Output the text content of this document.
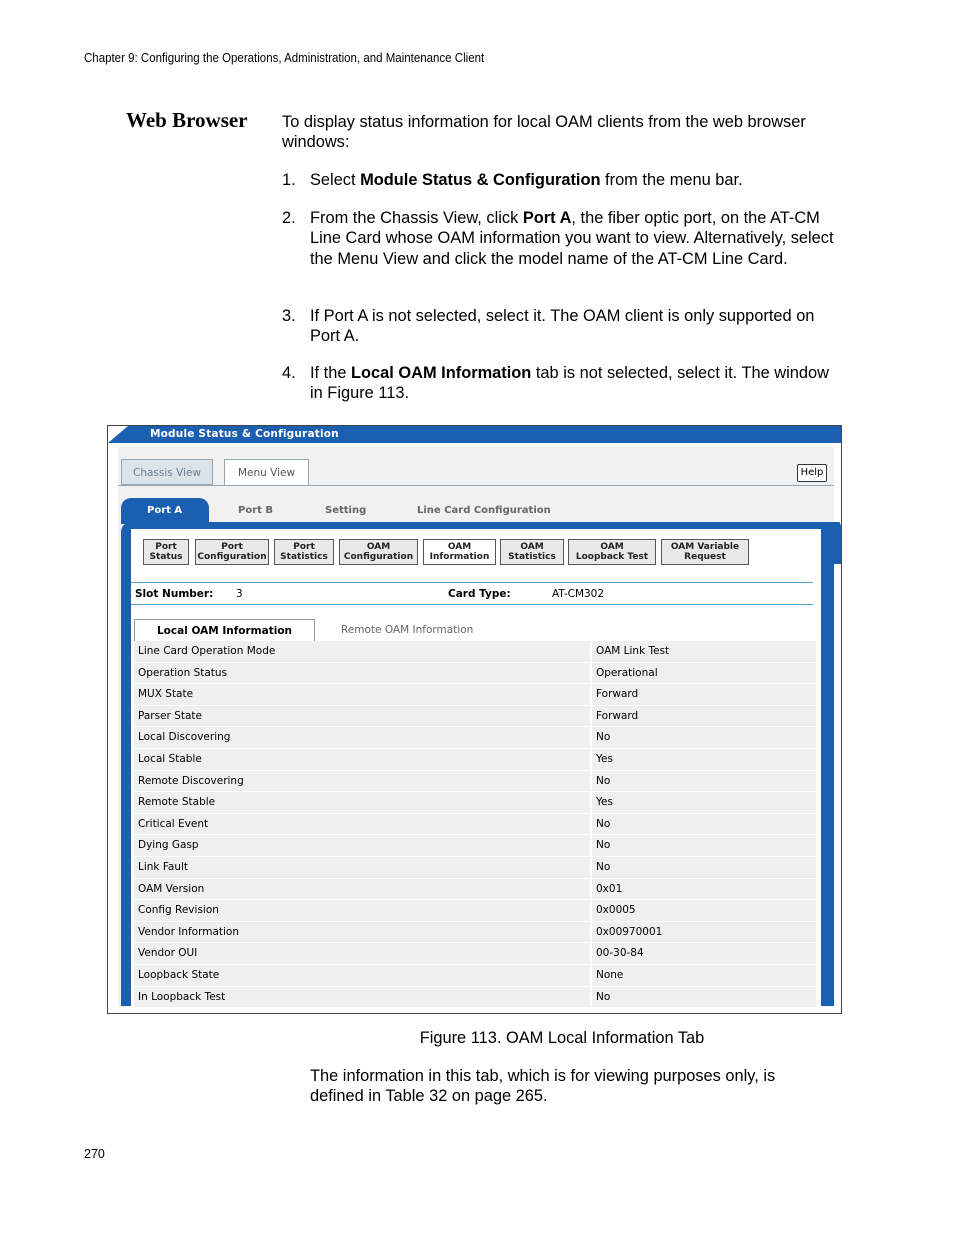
Chapter 9: Configuring the Operations, Administration, and Maintenance Client
Web Browser To display status information for local OAM clients from the web browser windows:
1. Select Module Status & Configuration from the menu bar.
2. From the Chassis View, click Port A, the fiber optic port, on the AT-CM Line Card whose OAM information you want to view. Alternatively, select the Menu View and click the model name of the AT-CM Line Card.
3. If Port A is not selected, select it. The OAM client is only supported on Port A.
4. If the Local OAM Information tab is not selected, select it. The window in Figure 113.
Module Status & Configuration
Chassis View	Menu View	Help
Port A	Port B	Setting	Line Card Configuration
Port
Status
Port
Configuration
Port
Statistics
OAM
Configuration
OAM
Information
OAM
Statistics
OAM
Loopback Test
OAM Variable
Request
Slot Number: 3	Card Type:	AT-CM302
Local OAM Information	Remote OAM Information
Line Card Operation Mode	OAM Link Test
Operation Status	Operational
MUX State	Forward
Parser State	Forward
Local Discovering	No
Local Stable	Yes
Remote Discovering	No
Remote Stable	Yes
Critical Event	No
Dying Gasp	No
Link Fault	No
OAM Version	0x01
Config Revision	0x0005
Vendor Information	0x00970001
Vendor OUI	00-30-84
Loopback State	None
In Loopback Test	No
Figure 113. OAM Local Information Tab
The information in this tab, which is for viewing purposes only, is defined in Table 32 on page 265.
270
